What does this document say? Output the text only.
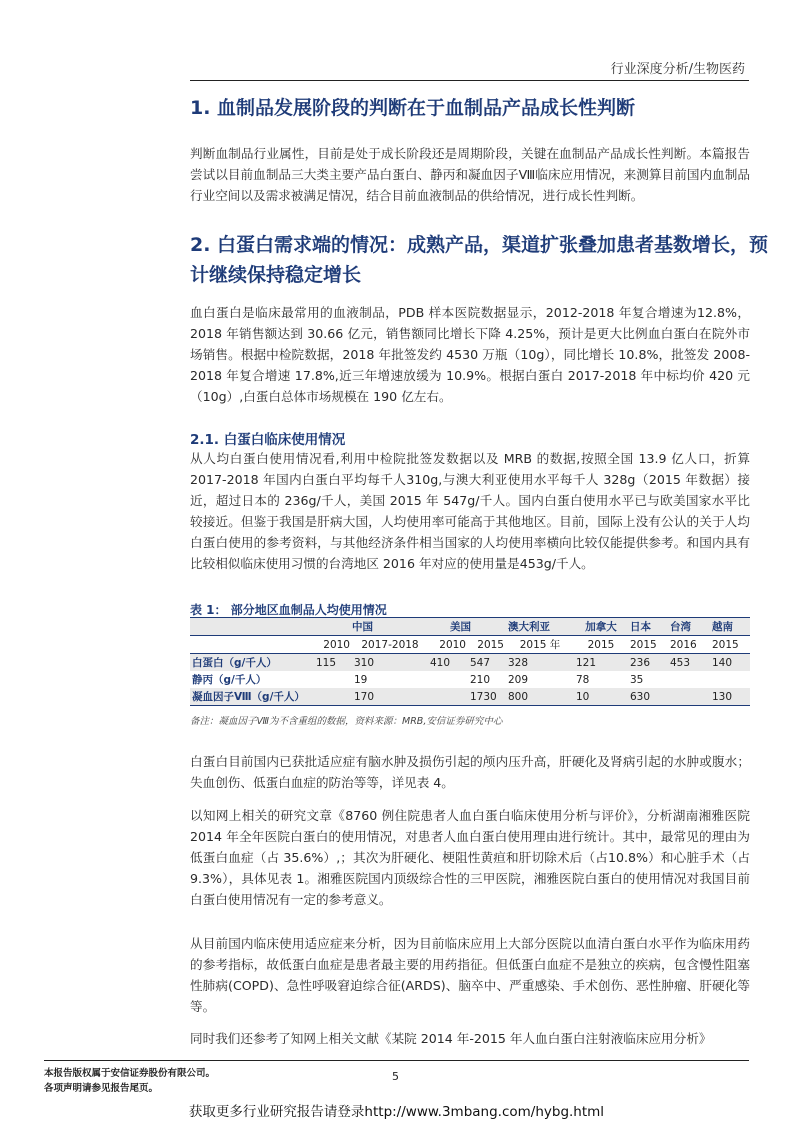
行业深度分析/生物医药
1. 血制品发展阶段的判断在于血制品产品成长性判断

判断血制品行业属性，目前是处于成长阶段还是周期阶段，关键在血制品产品成长性判断。本篇报告尝试以目前血制品三大类主要产品白蛋白、静丙和凝血因子Ⅷ临床应用情况，来测算目前国内血制品行业空间以及需求被满足情况，结合目前血液制品的供给情况，进行成长性判断。

2. 白蛋白需求端的情况：成熟产品，渠道扩张叠加患者基数增长，预
计继续保持稳定增长

血白蛋白是临床最常用的血液制品，PDB 样本医院数据显示，2012-2018 年复合增速为12.8%，2018 年销售额达到 30.66 亿元，销售额同比增长下降 4.25%，预计是更大比例血白蛋白在院外市场销售。根据中检院数据，2018 年批签发约 4530 万瓶（10g），同比增长 10.8%，批签发 2008-2018 年复合增速 17.8%,近三年增速放缓为 10.9%。根据白蛋白 2017-2018 年中标均价 420 元（10g）,白蛋白总体市场规模在 190 亿左右。

2.1. 白蛋白临床使用情况

从人均白蛋白使用情况看,利用中检院批签发数据以及 MRB 的数据,按照全国 13.9 亿人口，折算 2017-2018 年国内白蛋白平均每千人310g,与澳大利亚使用水平每千人 328g（2015 年数据）接近，超过日本的 236g/千人，美国 2015 年 547g/千人。国内白蛋白使用水平已与欧美国家水平比较接近。但鉴于我国是肝病大国，人均使用率可能高于其他地区。目前，国际上没有公认的关于人均白蛋白使用的参考资料，与其他经济条件相当国家的人均使用率横向比较仅能提供参考。和国内具有比较相似临床使用习惯的台湾地区 2016 年对应的使用量是453g/千人。

表 1： 部分地区血制品人均使用情况
	中国		美国		澳大利亚	加拿大	日本	台湾	越南
	2010	2017-2018	2010	2015	2015 年	2015	2015	2016	2015
白蛋白（g/千人）	115	310	410	547	328	121	236	453	140
静丙（g/千人）		19		210	209	78	35		
凝血因子Ⅷ（g/千人）		170		1730	800	10	630		130
备注：凝血因子Ⅷ为不含重组的数据，资料来源：MRB,安信证券研究中心

白蛋白目前国内已获批适应症有脑水肿及损伤引起的颅内压升高，肝硬化及肾病引起的水肿或腹水；失血创伤、低蛋白血症的防治等等，详见表 4。

以知网上相关的研究文章《8760 例住院患者人血白蛋白临床使用分析与评价》，分析湖南湘雅医院 2014 年全年医院白蛋白的使用情况，对患者人血白蛋白使用理由进行统计。其中，最常见的理由为低蛋白血症（占 35.6%）,；其次为肝硬化、梗阻性黄疸和肝切除术后（占10.8%）和心脏手术（占 9.3%），具体见表 1。湘雅医院国内顶级综合性的三甲医院，湘雅医院白蛋白的使用情况对我国目前白蛋白使用情况有一定的参考意义。

从目前国内临床使用适应症来分析，因为目前临床应用上大部分医院以血清白蛋白水平作为临床用药的参考指标，故低蛋白血症是患者最主要的用药指征。但低蛋白血症不是独立的疾病，包含慢性阻塞性肺病(COPD)、急性呼吸窘迫综合征(ARDS)、脑卒中、严重感染、手术创伤、恶性肿瘤、肝硬化等等。

同时我们还参考了知网上相关文献《某院 2014 年-2015 年人血白蛋白注射液临床应用分析》

本报告版权属于安信证券股份有限公司。
各项声明请参见报告尾页。
5
获取更多行业研究报告请登录http://www.3mbang.com/hybg.html
